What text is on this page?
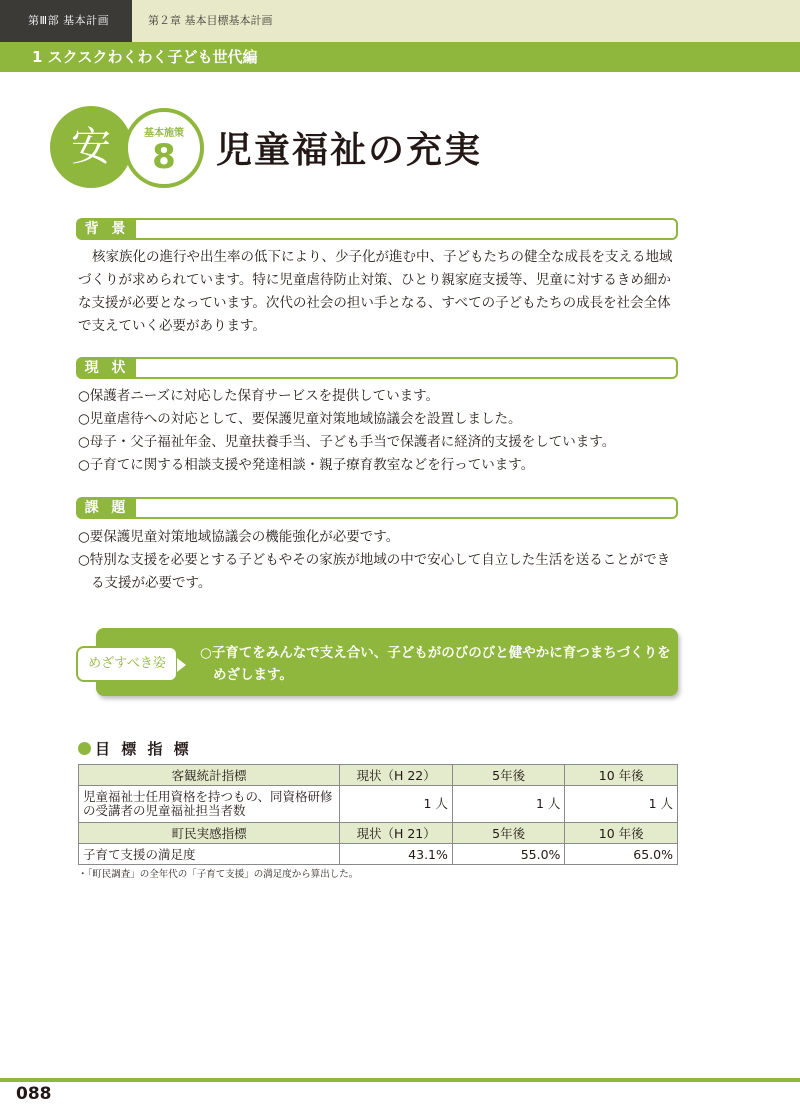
第Ⅲ部 基本計画	第２章 基本目標基本計画
1 スクスクわくわく子ども世代編
安	基本施策
8	児童福祉の充実
背 景
核家族化の進行や出生率の低下により、少子化が進む中、子どもたちの健全な成長を支える地域づくりが求められています。特に児童虐待防止対策、ひとり親家庭支援等、児童に対するきめ細かな支援が必要となっています。次代の社会の担い手となる、すべての子どもたちの成長を社会全体で支えていく必要があります。
現 状
○保護者ニーズに対応した保育サービスを提供しています。
○児童虐待への対応として、要保護児童対策地域協議会を設置しました。
○母子・父子福祉年金、児童扶養手当、子ども手当で保護者に経済的支援をしています。
○子育てに関する相談支援や発達相談・親子療育教室などを行っています。
課 題
○要保護児童対策地域協議会の機能強化が必要です。
○特別な支援を必要とする子どもやその家族が地域の中で安心して自立した生活を送ることができる支援が必要です。
○子育てをみんなで支え合い、子どもがのびのびと健やかに育つまちづくりをめざします。
めざすべき姿
目 標 指 標
客観統計指標	現状（H 22）	5年後	10 年後
児童福祉士任用資格を持つもの、同資格研修の受講者の児童福祉担当者数	1 人	1 人	1 人
町民実感指標	現状（H 21）	5年後	10 年後
子育て支援の満足度	43.1%	55.0%	65.0%
・「町民調査」の全年代の「子育て支援」の満足度から算出した。
088
